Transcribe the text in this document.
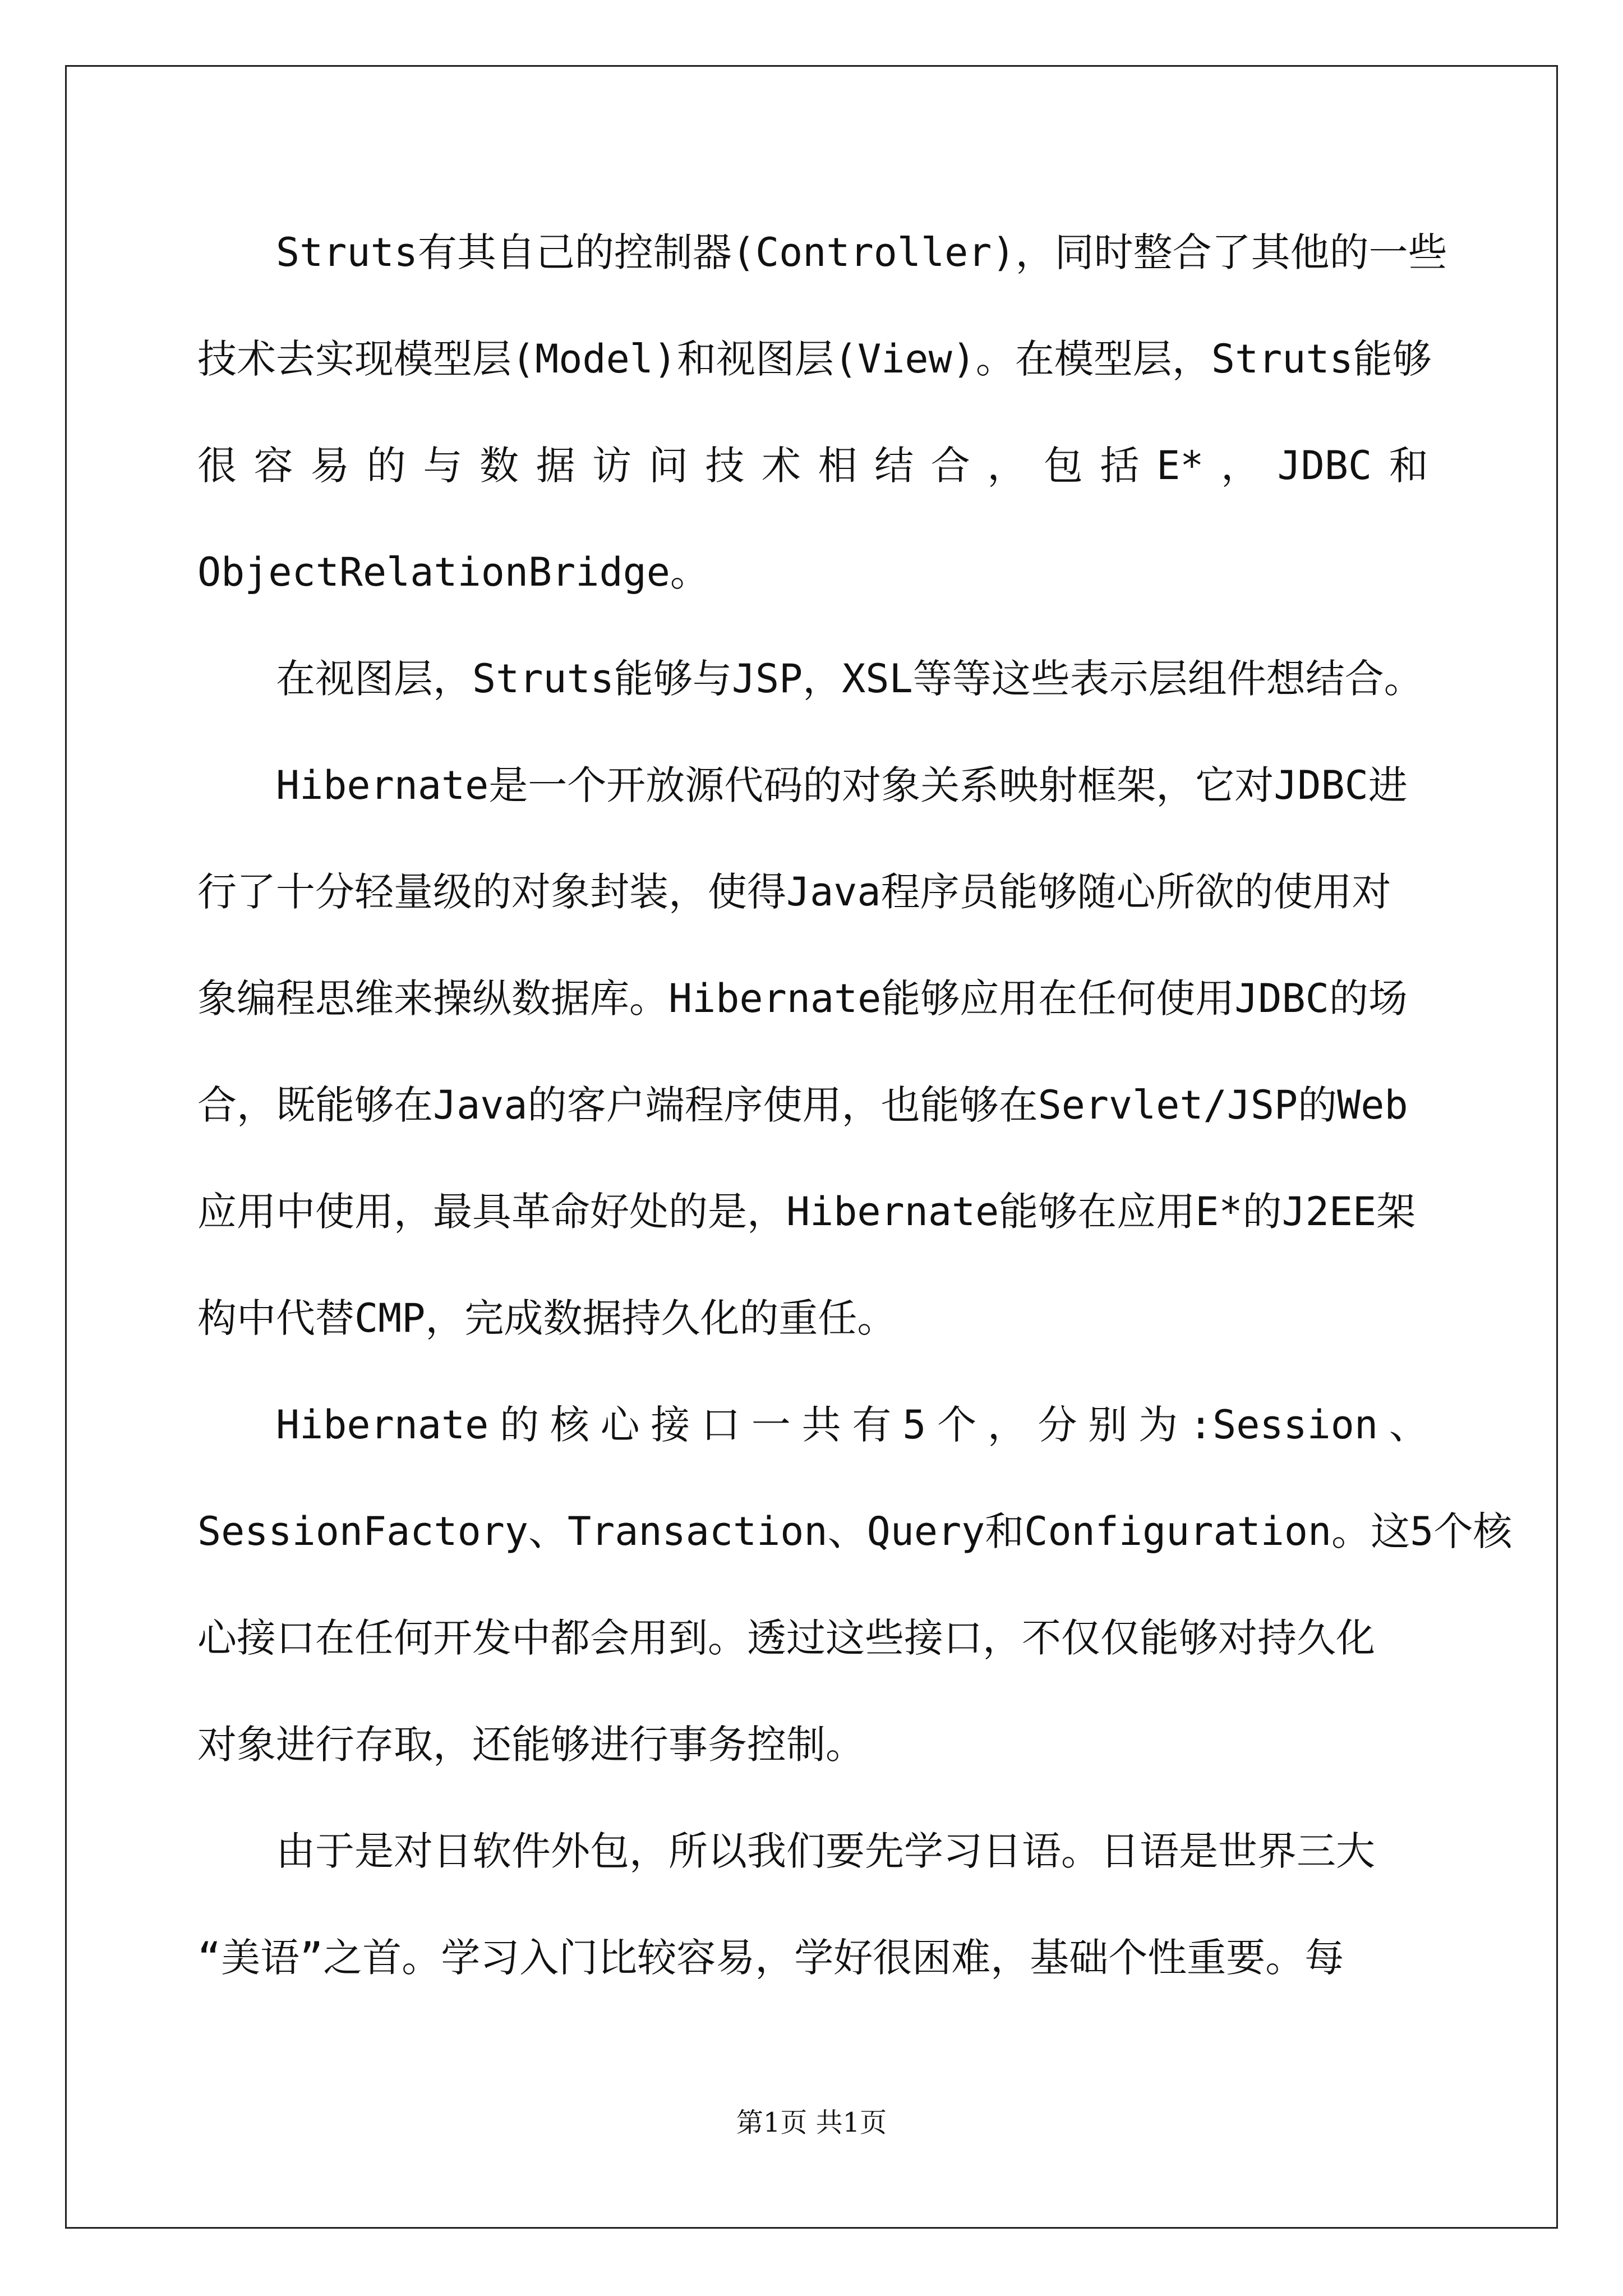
Struts有其自己的控制器(Controller)，同时整合了其他的一些
技术去实现模型层(Model)和视图层(View)。在模型层，Struts能够
很 容 易 的 与 数 据 访 问 技 术 相 结 合 ， 包 括 E* ， JDBC 和
ObjectRelationBridge。
在视图层，Struts能够与JSP，XSL等等这些表示层组件想结合。
Hibernate是一个开放源代码的对象关系映射框架，它对JDBC进
行了十分轻量级的对象封装，使得Java程序员能够随心所欲的使用对
象编程思维来操纵数据库。Hibernate能够应用在任何使用JDBC的场
合，既能够在Java的客户端程序使用，也能够在Servlet/JSP的Web
应用中使用，最具革命好处的是，Hibernate能够在应用E*的J2EE架
构中代替CMP，完成数据持久化的重任。
Hibernate 的 核 心 接 口 一 共 有 5 个 ， 分 别 为 :Session 、
SessionFactory、Transaction、Query和Configuration。这5个核
心接口在任何开发中都会用到。透过这些接口，不仅仅能够对持久化
对象进行存取，还能够进行事务控制。
由于是对日软件外包，所以我们要先学习日语。日语是世界三大
“美语”之首。学习入门比较容易，学好很困难，基础个性重要。每
第1页 共1页
